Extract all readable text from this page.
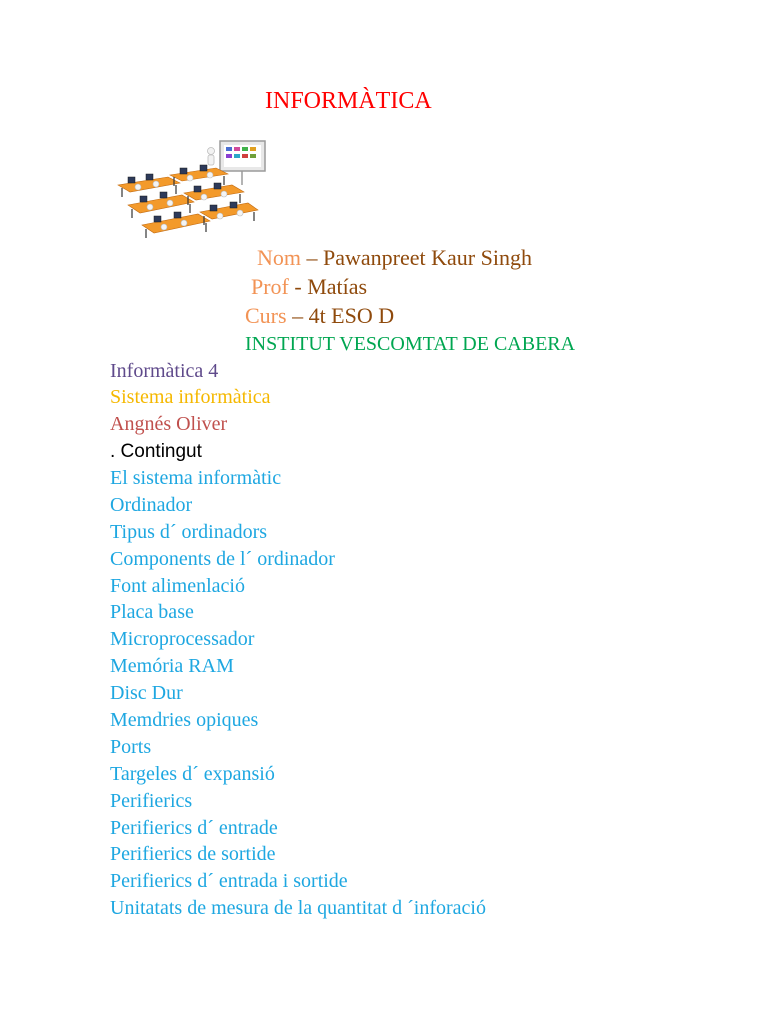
INFORMÀTICA
Nom – Pawanpreet Kaur Singh
Prof - Matías
Curs – 4t ESO D
INSTITUT VESCOMTAT DE CABERA
Informàtica 4
Sistema informàtica
Angnés Oliver
. Contingut
El sistema informàtic
Ordinador
Tipus d´ ordinadors
Components de l´ ordinador
Font alimenlació
Placa base
Microprocessador
Memória RAM
Disc Dur
Memdries opiques
Ports
Targeles d´ expansió
Perifierics
Perifierics d´ entrade
Perifierics de sortide
Perifierics d´ entrada i sortide
Unitatats de mesura de la quantitat d ´inforació
